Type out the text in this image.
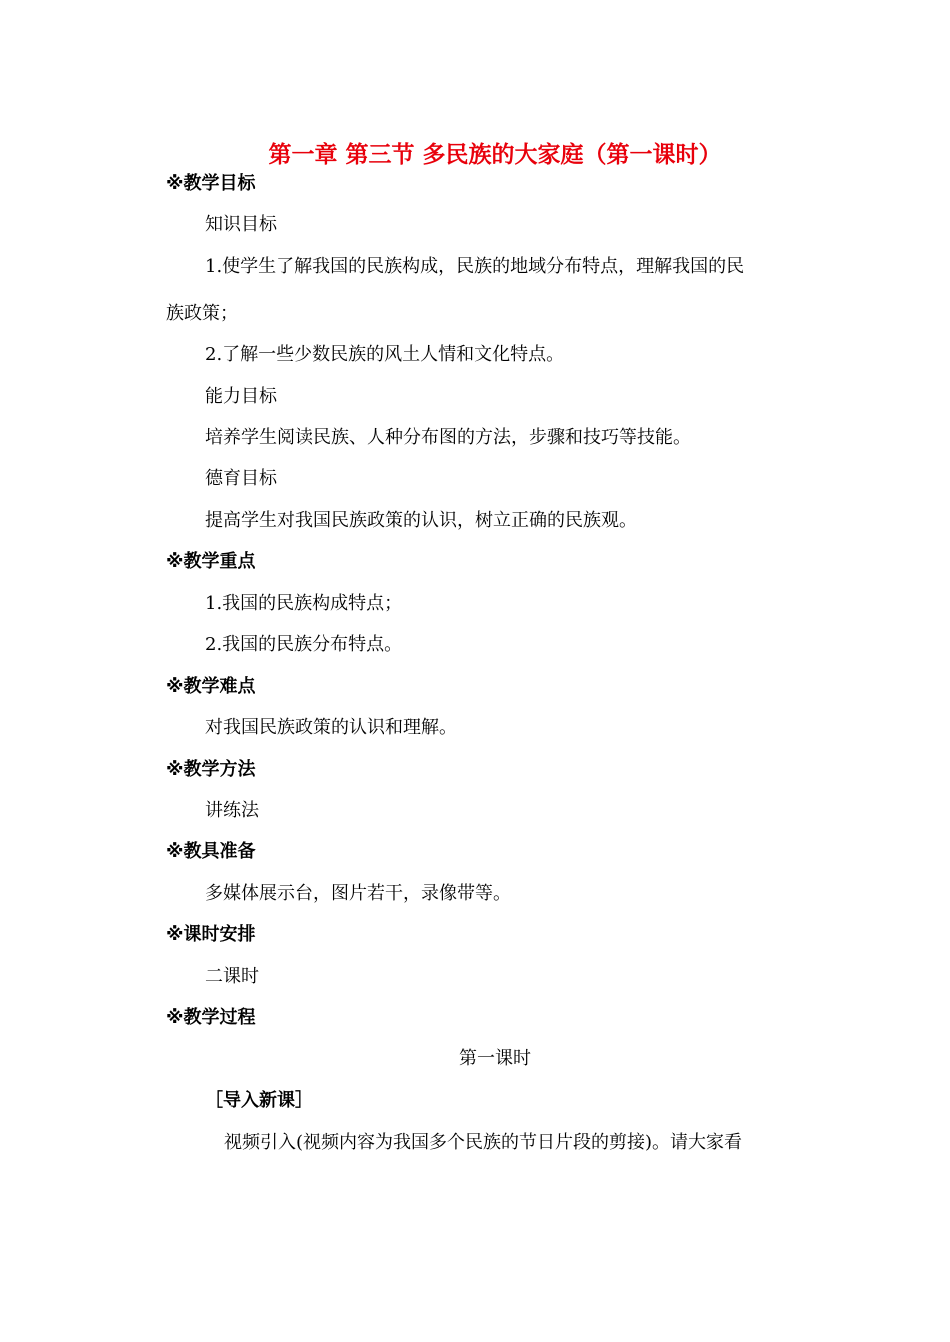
第一章 第三节 多民族的大家庭（第一课时）
※教学目标
知识目标
1.使学生了解我国的民族构成，民族的地域分布特点，理解我国的民
族政策；
2.了解一些少数民族的风土人情和文化特点。
能力目标
培养学生阅读民族、人种分布图的方法，步骤和技巧等技能。
德育目标
提高学生对我国民族政策的认识，树立正确的民族观。
※教学重点
1.我国的民族构成特点；
2.我国的民族分布特点。
※教学难点
对我国民族政策的认识和理解。
※教学方法
讲练法
※教具准备
多媒体展示台，图片若干，录像带等。
※课时安排
二课时
※教学过程
第一课时
［导入新课］
视频引入(视频内容为我国多个民族的节日片段的剪接)。请大家看
